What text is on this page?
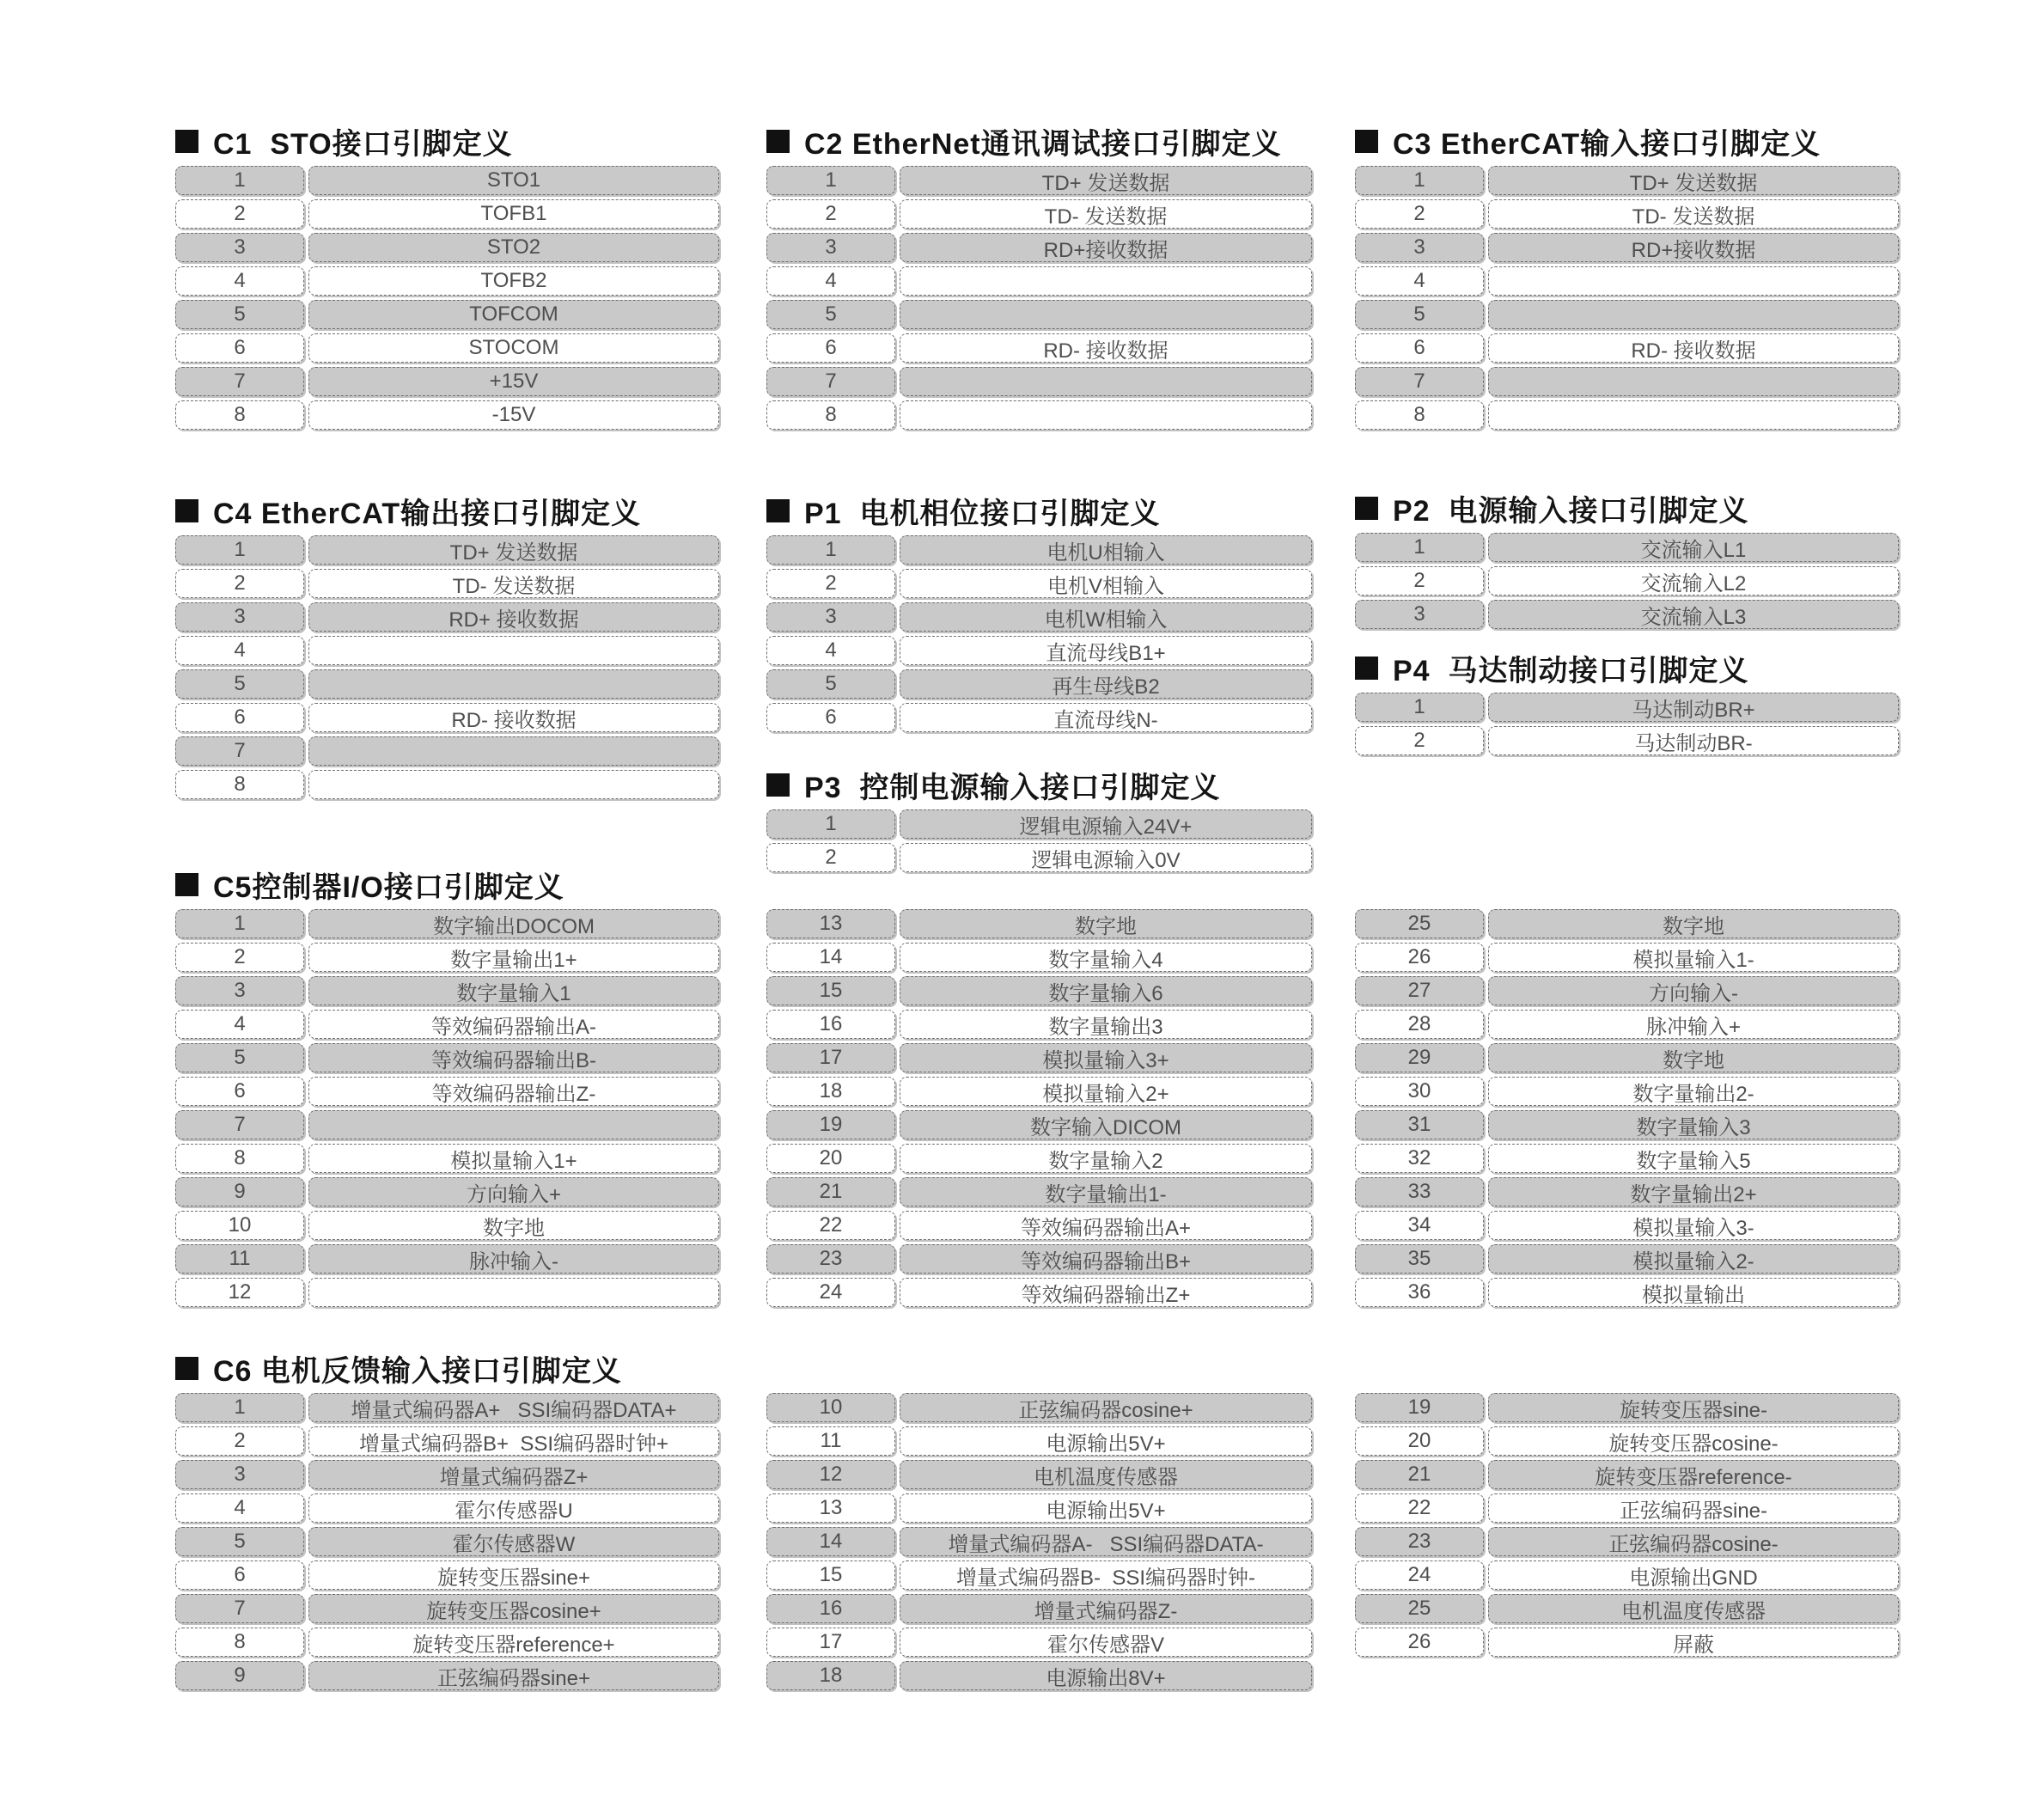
C1  STO接口引脚定义
1	STO1
2	TOFB1
3	STO2
4	TOFB2
5	TOFCOM
6	STOCOM
7	+15V
8	-15V
C2 EtherNet通讯调试接口引脚定义
1	TD+ 发送数据
2	TD- 发送数据
3	RD+接收数据
4
5
6	RD- 接收数据
7
8
C3 EtherCAT输入接口引脚定义
1	TD+ 发送数据
2	TD- 发送数据
3	RD+接收数据
4
5
6	RD- 接收数据
7
8
C4 EtherCAT输出接口引脚定义
1	TD+ 发送数据
2	TD- 发送数据
3	RD+ 接收数据
4
5
6	RD- 接收数据
7
8
P1  电机相位接口引脚定义
1	电机U相输入
2	电机V相输入
3	电机W相输入
4	直流母线B1+
5	再生母线B2
6	直流母线N-
P2  电源输入接口引脚定义
1	交流输入L1
2	交流输入L2
3	交流输入L3
P4  马达制动接口引脚定义
1	马达制动BR+
2	马达制动BR-
P3  控制电源输入接口引脚定义
1	逻辑电源输入24V+
2	逻辑电源输入0V
C5控制器I/O接口引脚定义
1	数字输出DOCOM
2	数字量输出1+
3	数字量输入1
4	等效编码器输出A-
5	等效编码器输出B-
6	等效编码器输出Z-
7
8	模拟量输入1+
9	方向输入+
10	数字地
11	脉冲输入-
12
13	数字地
14	数字量输入4
15	数字量输入6
16	数字量输出3
17	模拟量输入3+
18	模拟量输入2+
19	数字输入DICOM
20	数字量输入2
21	数字量输出1-
22	等效编码器输出A+
23	等效编码器输出B+
24	等效编码器输出Z+
25	数字地
26	模拟量输入1-
27	方向输入-
28	脉冲输入+
29	数字地
30	数字量输出2-
31	数字量输入3
32	数字量输入5
33	数字量输出2+
34	模拟量输入3-
35	模拟量输入2-
36	模拟量输出
C6 电机反馈输入接口引脚定义
1	增量式编码器A+   SSI编码器DATA+
2	增量式编码器B+  SSI编码器时钟+
3	增量式编码器Z+
4	霍尔传感器U
5	霍尔传感器W
6	旋转变压器sine+
7	旋转变压器cosine+
8	旋转变压器reference+
9	正弦编码器sine+
10	正弦编码器cosine+
11	电源输出5V+
12	电机温度传感器
13	电源输出5V+
14	增量式编码器A-   SSI编码器DATA-
15	增量式编码器B-  SSI编码器时钟-
16	增量式编码器Z-
17	霍尔传感器V
18	电源输出8V+
19	旋转变压器sine-
20	旋转变压器cosine-
21	旋转变压器reference-
22	正弦编码器sine-
23	正弦编码器cosine-
24	电源输出GND
25	电机温度传感器
26	屏蔽
